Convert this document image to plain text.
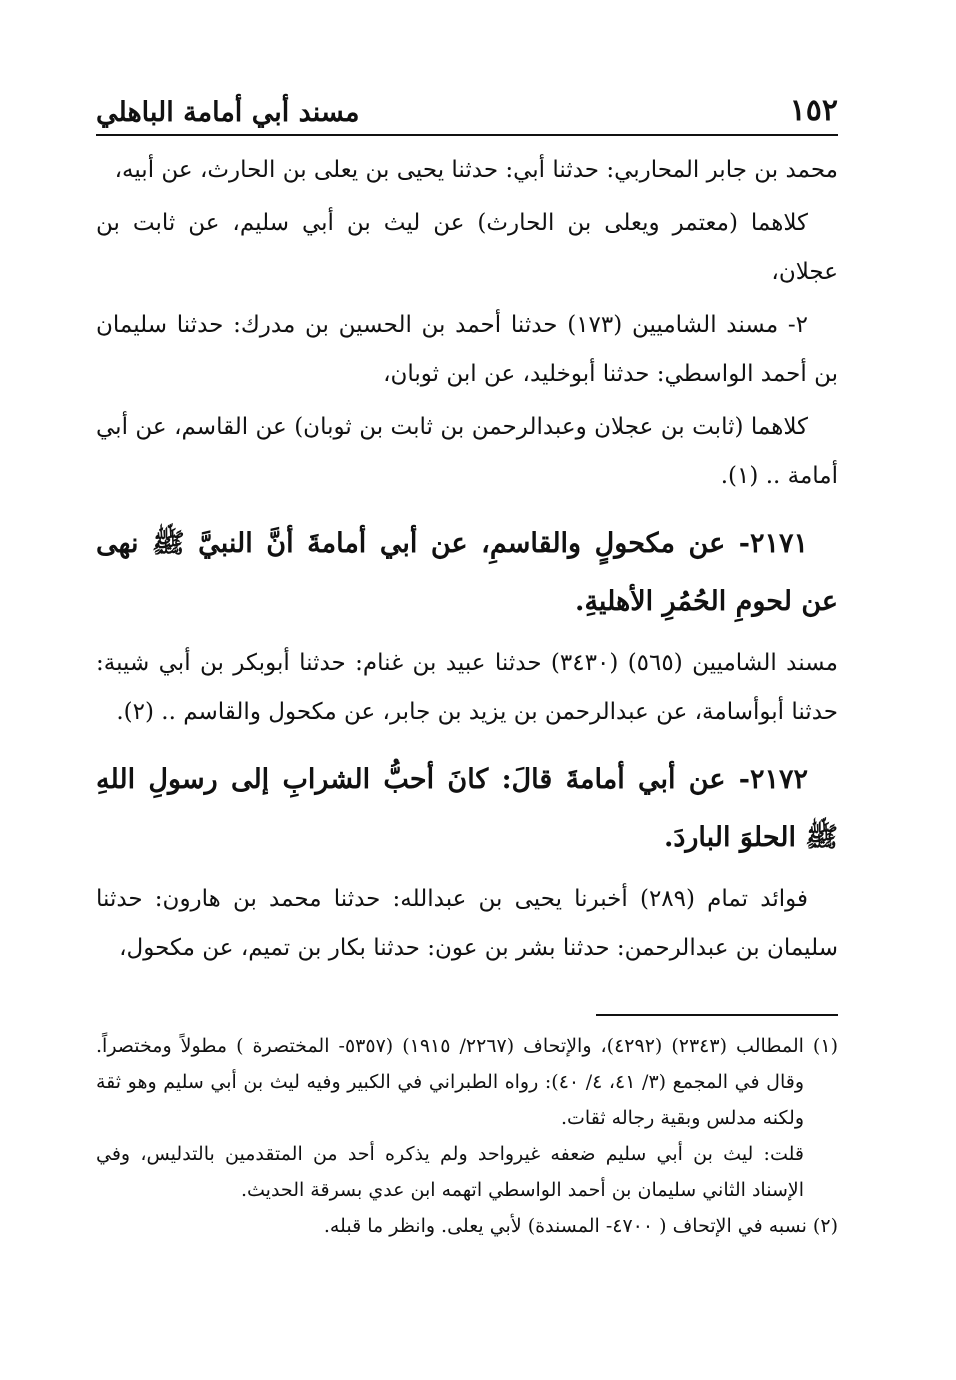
١٥٢
مسند أبي أمامة الباهلي

محمد بن جابر المحاربي: حدثنا أبي: حدثنا يحيى بن يعلى بن الحارث، عن أبيه،

كلاهما (معتمر ويعلى بن الحارث) عن ليث بن أبي سليم، عن ثابت بن عجلان،

٢- مسند الشاميين (١٧٣) حدثنا أحمد بن الحسين بن مدرك: حدثنا سليمان بن أحمد الواسطي: حدثنا أبوخليد، عن ابن ثوبان،

كلاهما (ثابت بن عجلان وعبدالرحمن بن ثابت بن ثوبان) عن القاسم، عن أبي أمامة .. (١).

٢١٧١- عن مكحولٍ والقاسمِ، عن أبي أمامةَ أنَّ النبيَّ ﷺ نهى عن لحومِ الحُمُرِ الأهليةِ.

مسند الشاميين (٥٦٥) (٣٤٣٠) حدثنا عبيد بن غنام: حدثنا أبوبكر بن أبي شيبة: حدثنا أبوأسامة، عن عبدالرحمن بن يزيد بن جابر، عن مكحول والقاسم .. (٢).

٢١٧٢- عن أبي أمامةَ قالَ: كانَ أحبُّ الشرابِ إلى رسولِ اللهِ ﷺ الحلوَ الباردَ.

فوائد تمام (٢٨٩) أخبرنا يحيى بن عبدالله: حدثنا محمد بن هارون: حدثنا سليمان بن عبدالرحمن: حدثنا بشر بن عون: حدثنا بكار بن تميم، عن مكحول،

(١) المطالب (٢٣٤٣) (٤٢٩٢)، والإتحاف (٢٢٦٧/ ١٩١٥) (٥٣٥٧- المختصرة ) مطولاً ومختصراً. وقال في المجمع (٣/ ٤١، ٤/ ٤٠): رواه الطبراني في الكبير وفيه ليث بن أبي سليم وهو ثقة ولكنه مدلس وبقية رجاله ثقات.

قلت: ليث بن أبي سليم ضعفه غيرواحد ولم يذكره أحد من المتقدمين بالتدليس، وفي الإسناد الثاني سليمان بن أحمد الواسطي اتهمه ابن عدي بسرقة الحديث.

(٢) نسبه في الإتحاف ( ٤٧٠٠- المسندة) لأبي يعلى. وانظر ما قبله.
